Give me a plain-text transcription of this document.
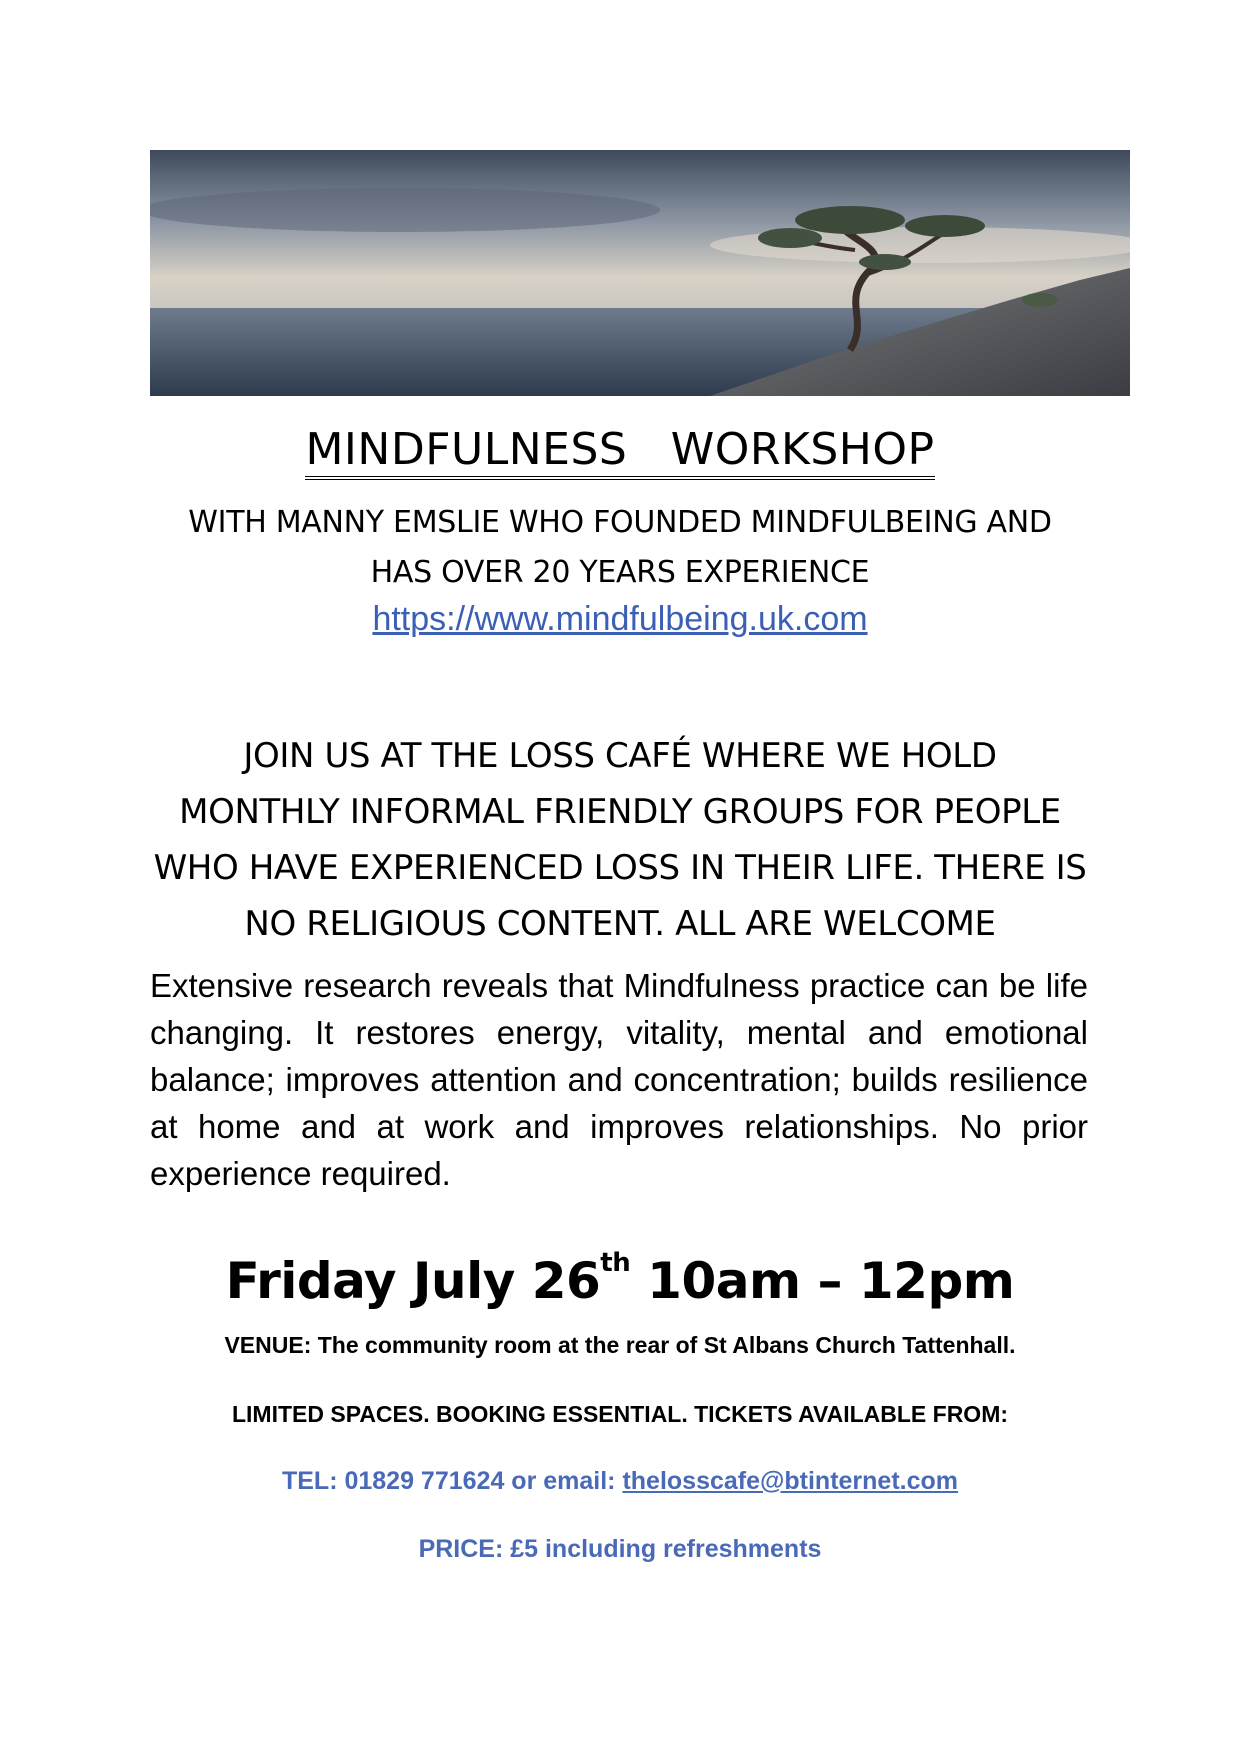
MINDFULNESS   WORKSHOP
WITH MANNY EMSLIE WHO FOUNDED MINDFULBEING AND
HAS OVER 20 YEARS EXPERIENCE
https://www.mindfulbeing.uk.com
JOIN US AT THE LOSS CAFÉ WHERE WE HOLD
MONTHLY INFORMAL FRIENDLY GROUPS FOR PEOPLE
WHO HAVE EXPERIENCED LOSS IN THEIR LIFE. THERE IS
NO RELIGIOUS CONTENT. ALL ARE WELCOME
Extensive research reveals that Mindfulness practice can be life changing. It restores energy, vitality, mental and emotional balance; improves attention and concentration; builds resilience at home and at work and improves relationships. No prior experience required.
Friday July 26th 10am – 12pm
VENUE: The community room at the rear of St Albans Church Tattenhall.
LIMITED SPACES. BOOKING ESSENTIAL. TICKETS AVAILABLE FROM:
TEL: 01829 771624 or email: thelosscafe@btinternet.com
PRICE: £5 including refreshments
